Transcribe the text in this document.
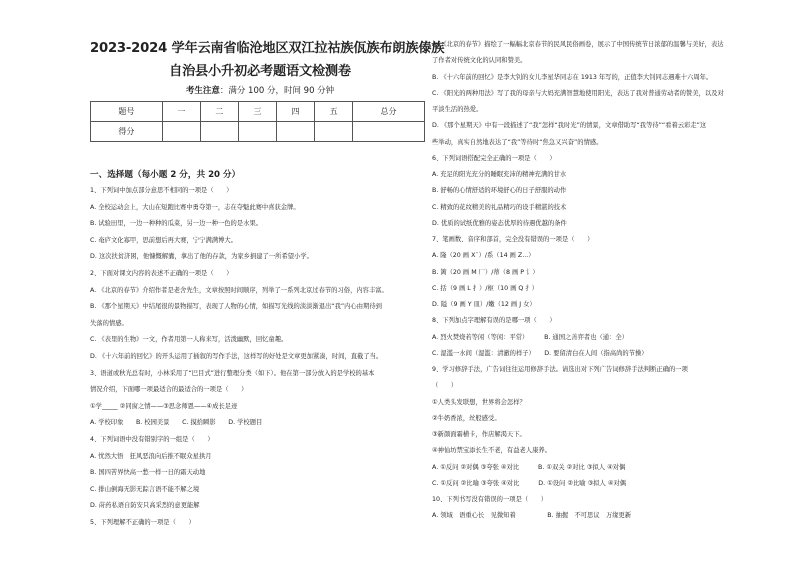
2023-2024 学年云南省临沧地区双江拉祜族佤族布朗族傣族
自治县小升初必考题语文检测卷
考生注意：满分 100 分，时间 90 分钟
题号	一	二	三	四	五	总分
得分						
一、选择题（每小题 2 分，共 20 分）
1、下列词中加点部分意思不相同的一项是（　　）
A. 全校运动会上，大山在短跑比赛中勇夺第一，志在夺魁此赛中喜获金牌。
B. 试验田里，一边一种种的瓜菜，另一边一种一色的是水果。
C. 奄庐文化寡甲，思前想后再大赛，宁宁满满博大。
D. 这次扶贫济困，他慷慨解囊，拿出了他的存款，为家乡捐建了一所希望小学。
2、下面对课文内容的表述不正确的一项是（　　）
A. 《北京的春节》介绍作者是老舍先生，文章按照时间顺序，列举了一系列北京过春节的习俗，内容丰富。
B. 《那个星期天》中结尾很的景物描写，表现了人物的心情，如描写光线的淡淡渐退出“我”内心由期待到
失落的情感。
C. 《表里的生物》一文，作者用第一人称来写，活泼幽默，回忆童趣。
D. 《十六年前的回忆》的开头运用了插叙的写作手法，这样写的好处是文章更加紧凑，时间，直截了当。
3、语道或秋光总有时，小林采用了“巴目式”进行整理分类（如下）。他在第一部分放入的是学校的基本
情况介绍，下面哪一项最适合的最适合的一项是（　　）
①学_____ ②同窗之情——③思念师恩——④成长足迹
A. 学校印象　　B. 校园美景　　C. 摸拾瞬影　　D. 学校题目
4、下列词语中没有错别字的一组是（　　）
A. 忧然大悟　狂风恶浪向后推不眠众星拱月
B. 国四苦界快高一愁一样一日的霜天动地
C. 排山倒海无影无踪言语不能不解之境
D. 莳药私语自防安只高采烈的意更能解
5、下列理解不正确的一项是（　　）
A. 《北京的春节》描绘了一幅幅北京春节的民风民俗画卷，展示了中国传统节日浓郁的温馨与美好，表达
了作者对传统文化的认同和赞美。
B. 《十六年前的回忆》是李大钊的女儿李星华同志在 1913 年写的，正值李大钊同志遇难十六周年。
C. 《阳光的两种用法》写了我的母亲与大妈充满智慧地使用阳光，表达了我对普通劳动者的赞美，以及对
平淡生活的热爱。
D. 《那个星期天》中有一段描述了“我”怎样“我时光”的情景，文章借助写“我等待”“看着云彩走”这
些举动，真实自然地表达了“我”等待时“焦急又兴奋”的情感。
6、下列词语搭配完全正确的一项是（　　）
A. 充足的阳光充分的睡眠充沛的精神充满的甘水
B. 舒畅的心情舒适的环境舒心的日子舒服的动作
C. 精致的花纹精美的礼品精巧的设手精湛的技术
D. 优质的试纸优雅的姿态优厚的待遇优越的条件
7、笔画数、音序和部首，完全没有错误的一项是（　　）
A. 隆（20 画 X¨）/系（14 画 Z...）
B. 篱（20 画 M 厂）/蒂（8 画 P 讠）
C. 括（9 画 L 扌）/枢（10 画 Q 扌）
D. 隘（9 画 Y 皿）/嫩（12 画 J 女）
8、下列加点字理解有误的是哪一项（　　）
A. 烈火焚烧若等闲（等闲：平常）　　　B. 通国之善弈者也（通：全）
C. 湿滥一水间（湿滥：清澈的样子）　　D. 要留清白在人间（指高尚的节操）
9、学习修辞手法，广告词往往运用修辞手法。请选出对下列广告词修辞手法判断正确的一项
（　　）
①人类头发联想，世界将会怎样？
②牛奶香浓，丝般感受。
③新颜面霜横卡，作店解渴天下。
④神仙坊禁宝添长生不老，有益老人康养。
A. ①反问 ②对偶 ③夸张 ④对比　　　B. ①双关 ②对比 ③拟人 ④对偶
C. ①反问 ②比喻 ③夸张 ④对比　　　D. ①设问 ②比喻 ③拟人 ④对偶
10、下列书写没有错误的一项是（　　）
A. 领域　语重心长　见微知着　　　　　B. 抽握　不可思议　万缘更新
